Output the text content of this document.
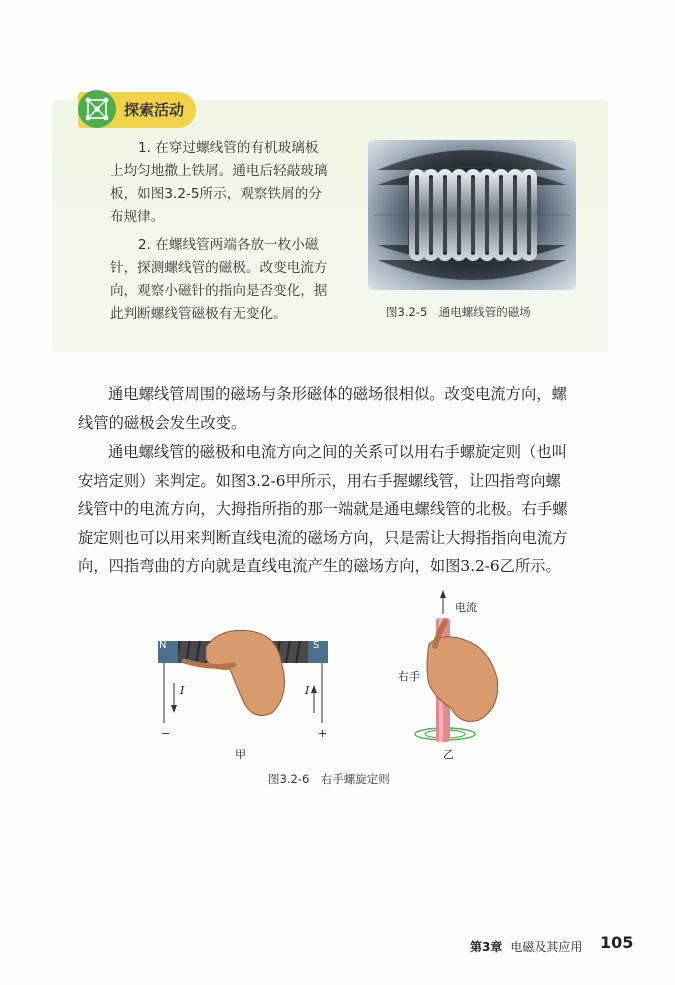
探索活动
1. 在穿过螺线管的有机玻璃板
上均匀地撒上铁屑。通电后轻敲玻璃
板，如图3.2-5所示，观察铁屑的分
布规律。
2. 在螺线管两端各放一枚小磁
针，探测螺线管的磁极。改变电流方
向，观察小磁针的指向是否变化，据
此判断螺线管磁极有无变化。	图3.2-5　通电螺线管的磁场
通电螺线管周围的磁场与条形磁体的磁场很相似。改变电流方向，螺
线管的磁极会发生改变。
通电螺线管的磁极和电流方向之间的关系可以用右手螺旋定则（也叫
安培定则）来判定。如图3.2-6甲所示，用右手握螺线管，让四指弯向螺
线管中的电流方向，大拇指所指的那一端就是通电螺线管的北极。右手螺
旋定则也可以用来判断直线电流的磁场方向，只是需让大拇指指向电流方
向，四指弯曲的方向就是直线电流产生的磁场方向，如图3.2-6乙所示。
N	S
I	I
−	+
甲
电流
右手
乙
图3.2-6　右手螺旋定则
第3章 电磁及其应用 105
